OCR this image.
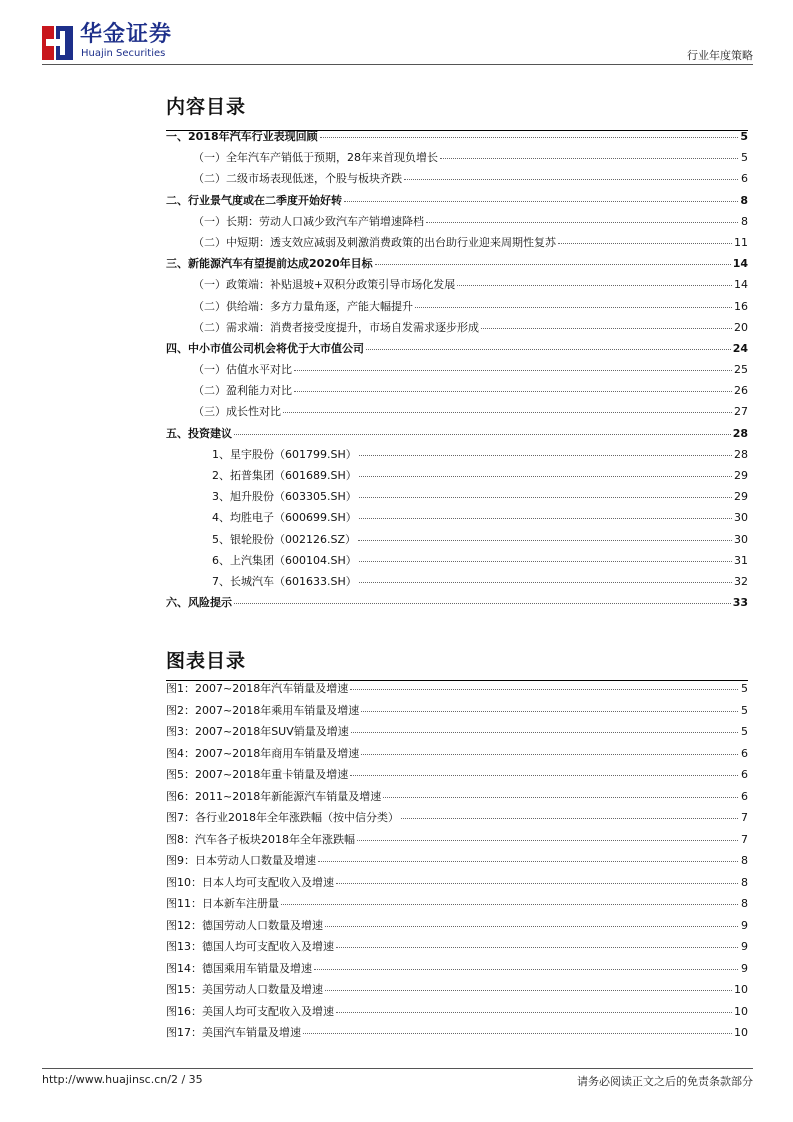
华金证券
Huajin Securities	行业年度策略
内容目录
一、2018年汽车行业表现回顾	5
（一）全年汽车产销低于预期，28年来首现负增长	5
（二）二级市场表现低迷，个股与板块齐跌	6
二、行业景气度或在二季度开始好转	8
（一）长期：劳动人口减少致汽车产销增速降档	8
（二）中短期：透支效应减弱及刺激消费政策的出台助行业迎来周期性复苏	11
三、新能源汽车有望提前达成2020年目标	14
（一）政策端：补贴退坡+双积分政策引导市场化发展	14
（二）供给端：多方力量角逐，产能大幅提升	16
（二）需求端：消费者接受度提升，市场自发需求逐步形成	20
四、中小市值公司机会将优于大市值公司	24
（一）估值水平对比	25
（二）盈利能力对比	26
（三）成长性对比	27
五、投资建议	28
1、星宇股份（601799.SH）	28
2、拓普集团（601689.SH）	29
3、旭升股份（603305.SH）	29
4、均胜电子（600699.SH）	30
5、银轮股份（002126.SZ）	30
6、上汽集团（600104.SH）	31
7、长城汽车（601633.SH）	32
六、风险提示	33
图表目录
图1：2007~2018年汽车销量及增速	5
图2：2007~2018年乘用车销量及增速	5
图3：2007~2018年SUV销量及增速	5
图4：2007~2018年商用车销量及增速	6
图5：2007~2018年重卡销量及增速	6
图6：2011~2018年新能源汽车销量及增速	6
图7：各行业2018年全年涨跌幅（按中信分类）	7
图8：汽车各子板块2018年全年涨跌幅	7
图9：日本劳动人口数量及增速	8
图10：日本人均可支配收入及增速	8
图11：日本新车注册量	8
图12：德国劳动人口数量及增速	9
图13：德国人均可支配收入及增速	9
图14：德国乘用车销量及增速	9
图15：美国劳动人口数量及增速	10
图16：美国人均可支配收入及增速	10
图17：美国汽车销量及增速	10
http://www.huajinsc.cn/2 / 35	请务必阅读正文之后的免责条款部分
